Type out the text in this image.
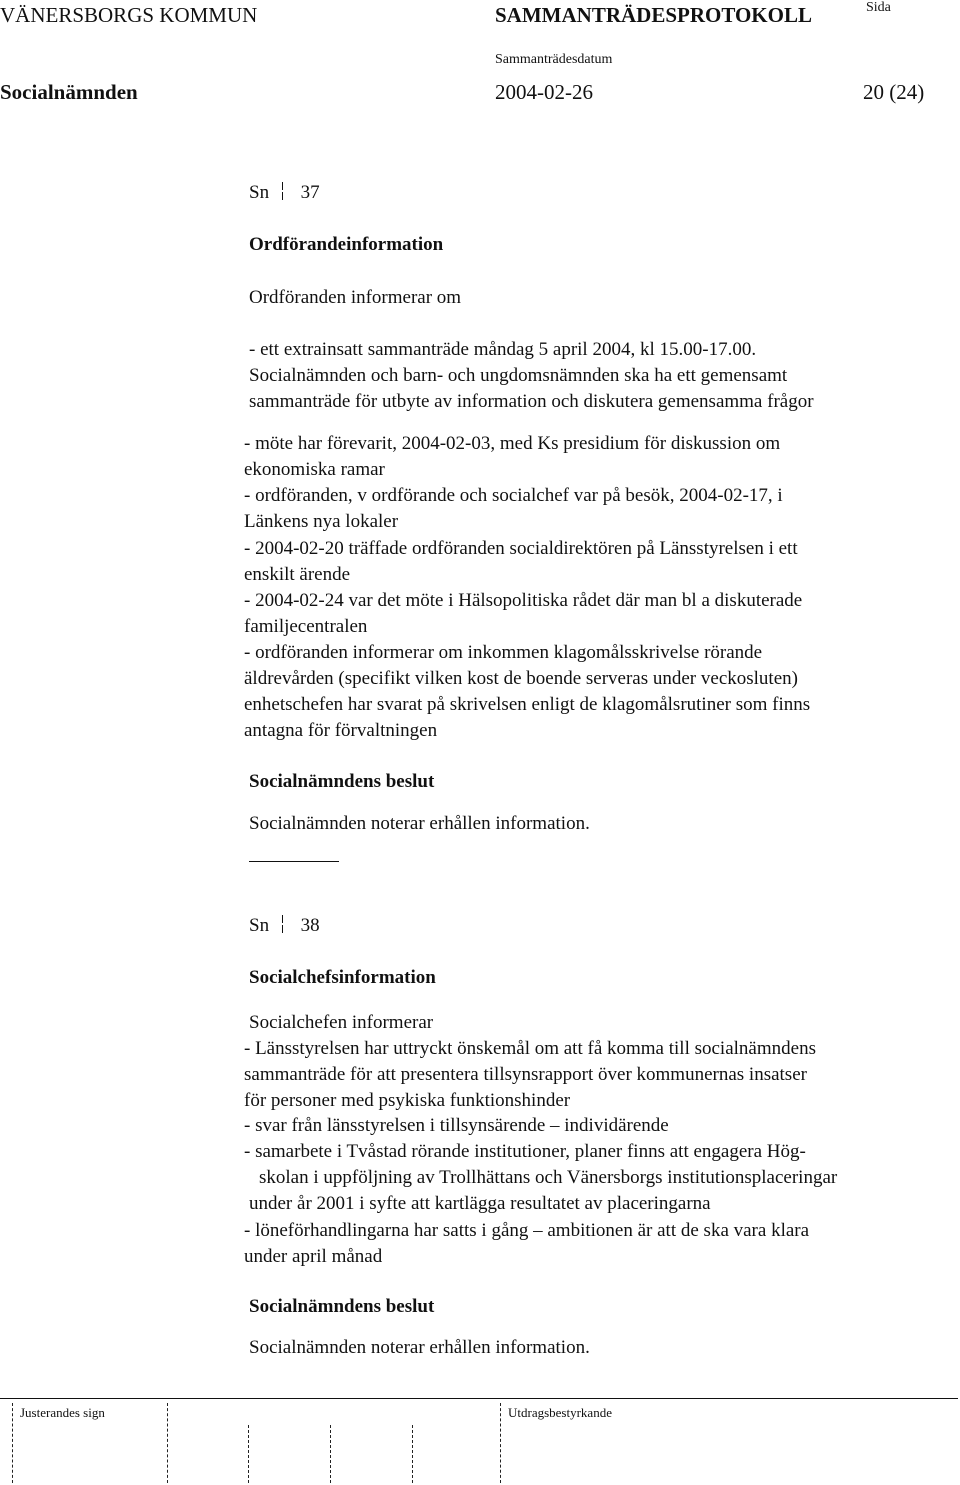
VÄNERSBORGS KOMMUN	SAMMANTRÄDESPROTOKOLL	Sida
Sammanträdesdatum
Socialnämnden	2004-02-26	20 (24)
Sn 37
Ordförandeinformation
Ordföranden informerar om
- ett extrainsatt sammanträde måndag 5 april 2004, kl 15.00-17.00.
Socialnämnden och barn- och ungdomsnämnden ska ha ett gemensamt
sammanträde för utbyte av information och diskutera gemensamma frågor
- möte har förevarit, 2004-02-03, med Ks presidium för diskussion om
ekonomiska ramar
- ordföranden, v ordförande och socialchef var på besök, 2004-02-17, i
Länkens nya lokaler
- 2004-02-20 träffade ordföranden socialdirektören på Länsstyrelsen i ett
enskilt ärende
- 2004-02-24 var det möte i Hälsopolitiska rådet där man bl a diskuterade
familjecentralen
- ordföranden informerar om inkommen klagomålsskrivelse rörande
äldrevården (specifikt vilken kost de boende serveras under veckosluten)
enhetschefen har svarat på skrivelsen enligt de klagomålsrutiner som finns
antagna för förvaltningen
Socialnämndens beslut
Socialnämnden noterar erhållen information.
Sn 38
Socialchefsinformation
Socialchefen informerar
- Länsstyrelsen har uttryckt önskemål om att få komma till socialnämndens
sammanträde för att presentera tillsynsrapport över kommunernas insatser
för personer med psykiska funktionshinder
- svar från länsstyrelsen i tillsynsärende – individärende
- samarbete i Tvåstad rörande institutioner, planer finns att engagera Hög-
skolan i uppföljning av Trollhättans och Vänersborgs institutionsplaceringar
under år 2001 i syfte att kartlägga resultatet av placeringarna
- löneförhandlingarna har satts i gång – ambitionen är att de ska vara klara
under april månad
Socialnämndens beslut
Socialnämnden noterar erhållen information.
Justerandes sign	Utdragsbestyrkande
